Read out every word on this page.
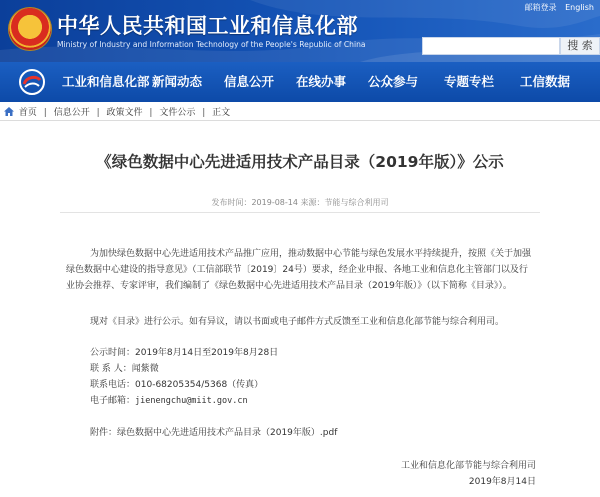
中华人民共和国工业和信息化部
Ministry of Industry and Information Technology of the People's Republic of China
邮箱登录 English
搜 索
工业和信息化部 新闻动态 信息公开 在线办事 公众参与 专题专栏 工信数据
首页 | 信息公开 | 政策文件 | 文件公示 | 正文
《绿色数据中心先进适用技术产品目录（2019年版）》公示
发布时间：2019-08-14 来源：节能与综合利用司

为加快绿色数据中心先进适用技术产品推广应用，推动数据中心节能与绿色发展水平持续提升，按照《关于加强绿色数据中心建设的指导意见》（工信部联节〔2019〕24号）要求，经企业申报、各地工业和信息化主管部门以及行业协会推荐、专家评审，我们编制了《绿色数据中心先进适用技术产品目录（2019年版）》（以下简称《目录》）。

现对《目录》进行公示。如有异议，请以书面或电子邮件方式反馈至工业和信息化部节能与综合利用司。

公示时间：2019年8月14日至2019年8月28日
联 系 人：闻紫微
联系电话：010-68205354/5368（传真）
电子邮箱：jienengchu@miit.gov.cn
附件：绿色数据中心先进适用技术产品目录（2019年版）.pdf
工业和信息化部节能与综合利用司
2019年8月14日
